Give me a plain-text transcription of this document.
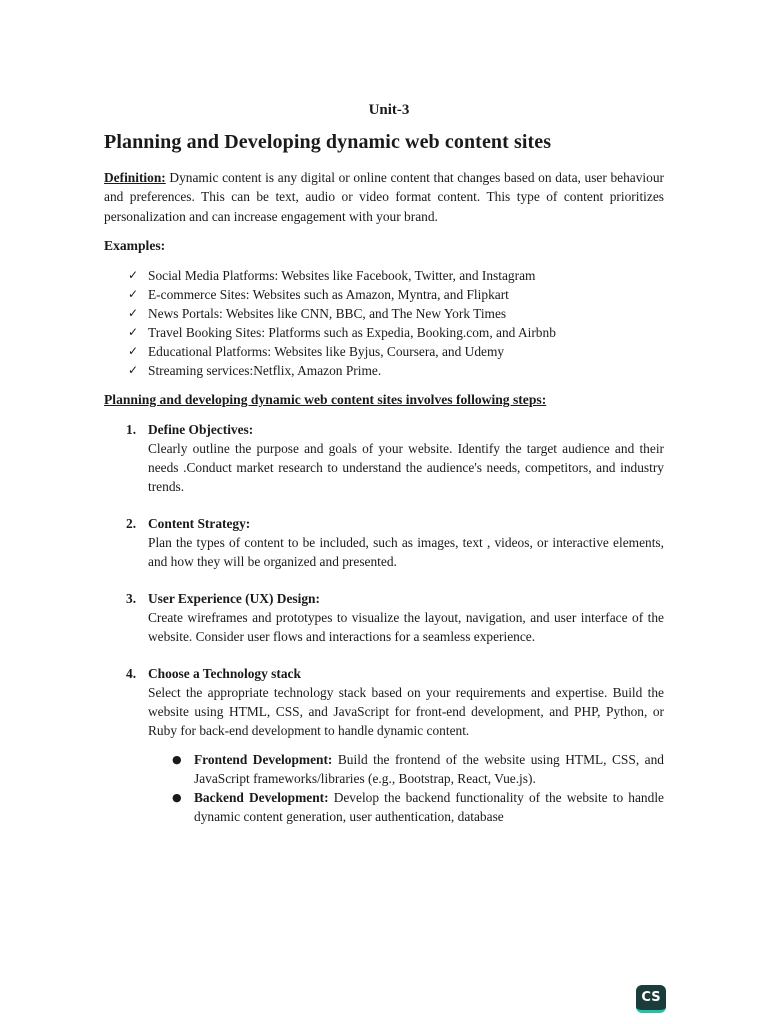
Unit-3
Planning and Developing dynamic web content sites

Definition: Dynamic content is any digital or online content that changes based on data, user behaviour and preferences. This can be text, audio or video format content. This type of content prioritizes personalization and can increase engagement with your brand.

Examples:
✓ Social Media Platforms: Websites like Facebook, Twitter, and Instagram
✓ E-commerce Sites: Websites such as Amazon, Myntra, and Flipkart
✓ News Portals: Websites like CNN, BBC, and The New York Times
✓ Travel Booking Sites: Platforms such as Expedia, Booking.com, and Airbnb
✓ Educational Platforms: Websites like Byjus, Coursera, and Udemy
✓ Streaming services:Netflix, Amazon Prime.
Planning and developing dynamic web content sites involves following steps:
1. Define Objectives:

Clearly outline the purpose and goals of your website. Identify the target audience and their needs .Conduct market research to understand the audience's needs, competitors, and industry trends.

2. Content Strategy:

Plan the types of content to be included, such as images, text , videos, or interactive elements, and how they will be organized and presented.

3. User Experience (UX) Design:

Create wireframes and prototypes to visualize the layout, navigation, and user interface of the website. Consider user flows and interactions for a seamless experience.

4. Choose a Technology stack

Select the appropriate technology stack based on your requirements and expertise. Build the website using HTML, CSS, and JavaScript for front-end development, and PHP, Python, or Ruby for back-end development to handle dynamic content.

● Frontend Development: Build the frontend of the website using HTML, CSS, and JavaScript frameworks/libraries (e.g., Bootstrap, React, Vue.js).
● Backend Development: Develop the backend functionality of the website to handle dynamic content generation, user authentication, database
CS
